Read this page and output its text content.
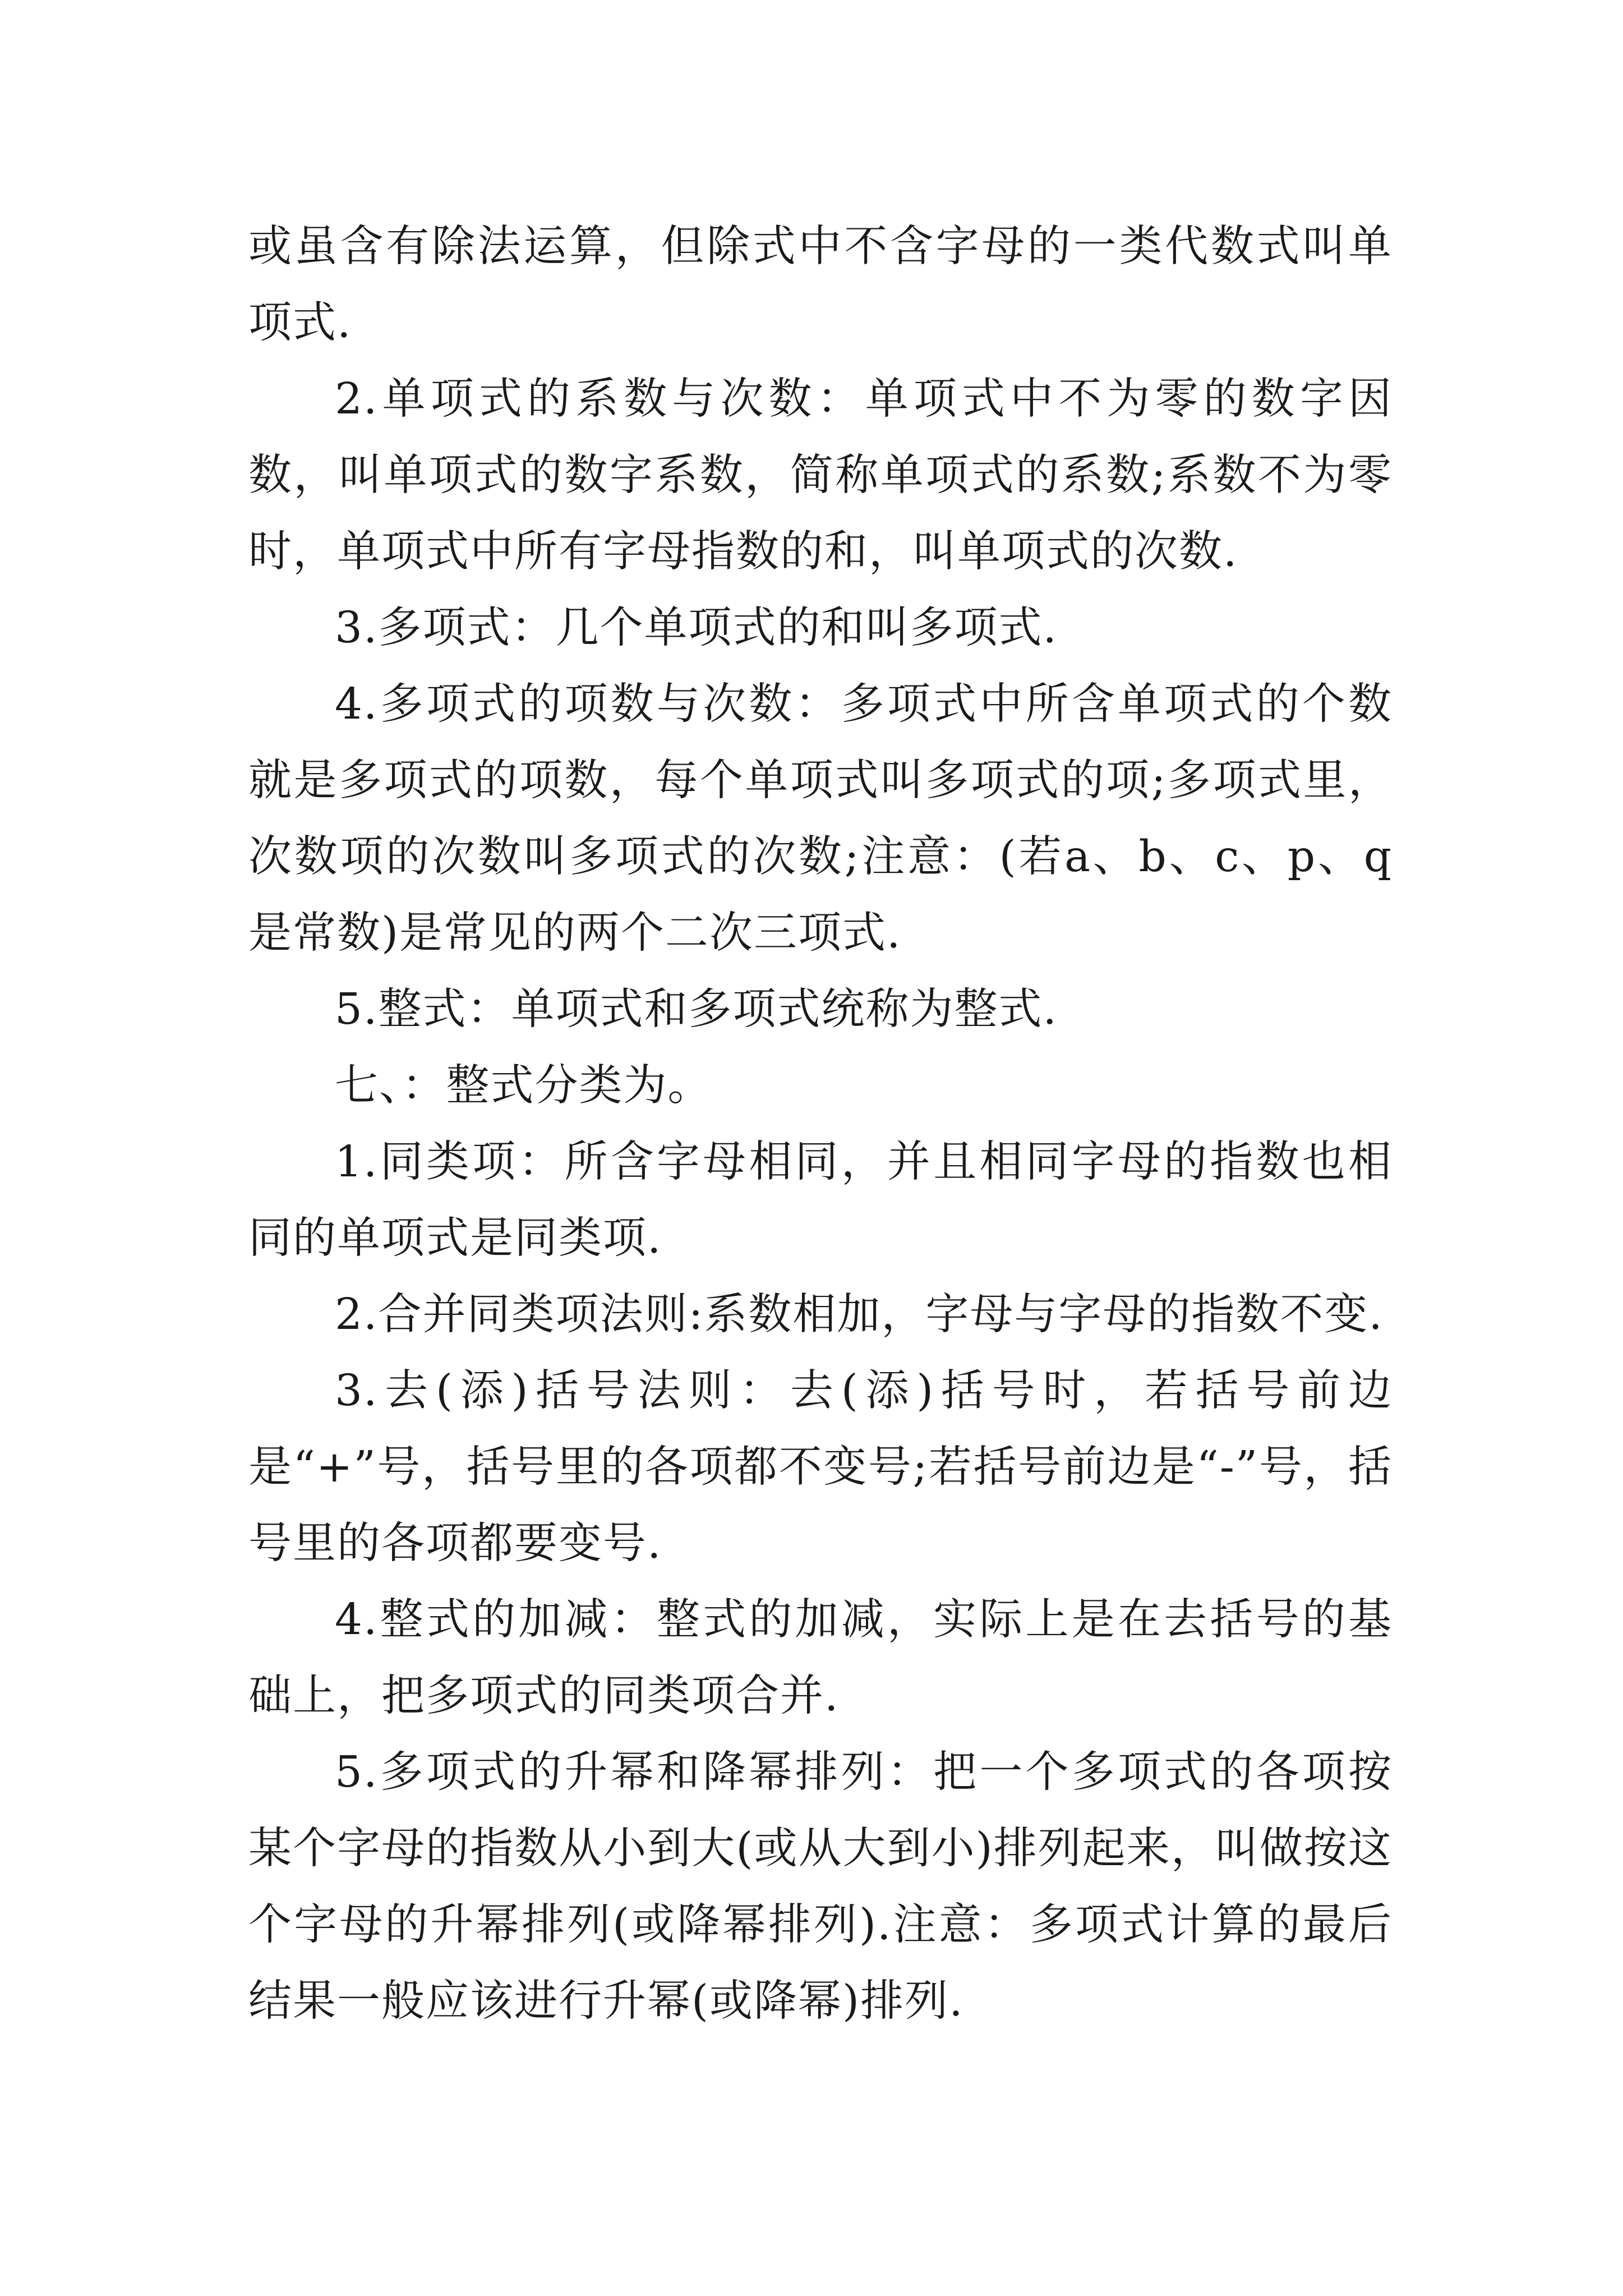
或虽含有除法运算，但除式中不含字母的一类代数式叫单项式.

2.单项式的系数与次数：单项式中不为零的数字因数，叫单项式的数字系数，简称单项式的系数;系数不为零时，单项式中所有字母指数的和，叫单项式的次数.

3.多项式：几个单项式的和叫多项式.

4.多项式的项数与次数：多项式中所含单项式的个数就是多项式的项数，每个单项式叫多项式的项;多项式里，次数项的次数叫多项式的次数;注意：(若a、b、c、p、q是常数)是常见的两个二次三项式.

5.整式：单项式和多项式统称为整式.

七、：整式分类为。

1.同类项：所含字母相同，并且相同字母的指数也相同的单项式是同类项.

2.合并同类项法则:系数相加，字母与字母的指数不变.

3.去(添)括号法则：去(添)括号时，若括号前边是“+”号，括号里的各项都不变号;若括号前边是“-”号，括号里的各项都要变号.

4.整式的加减：整式的加减，实际上是在去括号的基础上，把多项式的同类项合并.

5.多项式的升幂和降幂排列：把一个多项式的各项按某个字母的指数从小到大(或从大到小)排列起来，叫做按这个字母的升幂排列(或降幂排列).注意：多项式计算的最后结果一般应该进行升幂(或降幂)排列.
